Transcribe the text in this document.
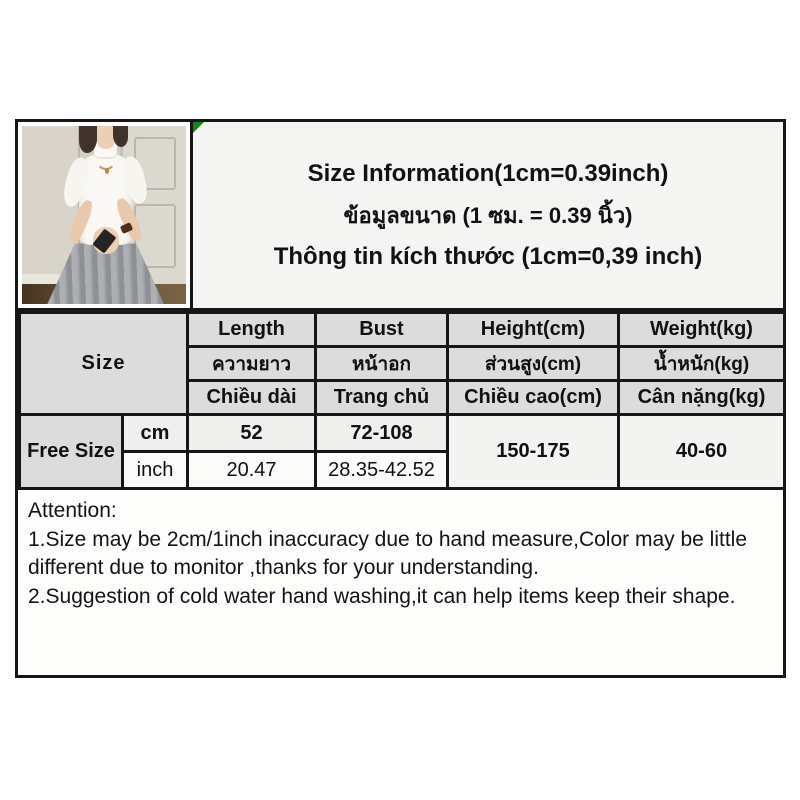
Size Information(1cm=0.39inch)
ข้อมูลขนาด (1 ซม. = 0.39 นิ้ว)
Thông tin kích thước (1cm=0,39 inch)
Size		Length	Bust	Height(cm)	Weight(kg)
		ความยาว	หน้าอก	ส่วนสูง(cm)	น้ำหนัก(kg)
		Chiều dài	Trang chủ	Chiều cao(cm)	Cân nặng(kg)
Free Size	cm	52	72-108	150-175	40-60
	inch	20.47	28.35-42.52		
Attention:
1.Size may be 2cm/1inch inaccuracy due to hand measure,Color may be little different due to monitor ,thanks for your understanding.
2.Suggestion of cold water hand washing,it can help items keep their shape.
